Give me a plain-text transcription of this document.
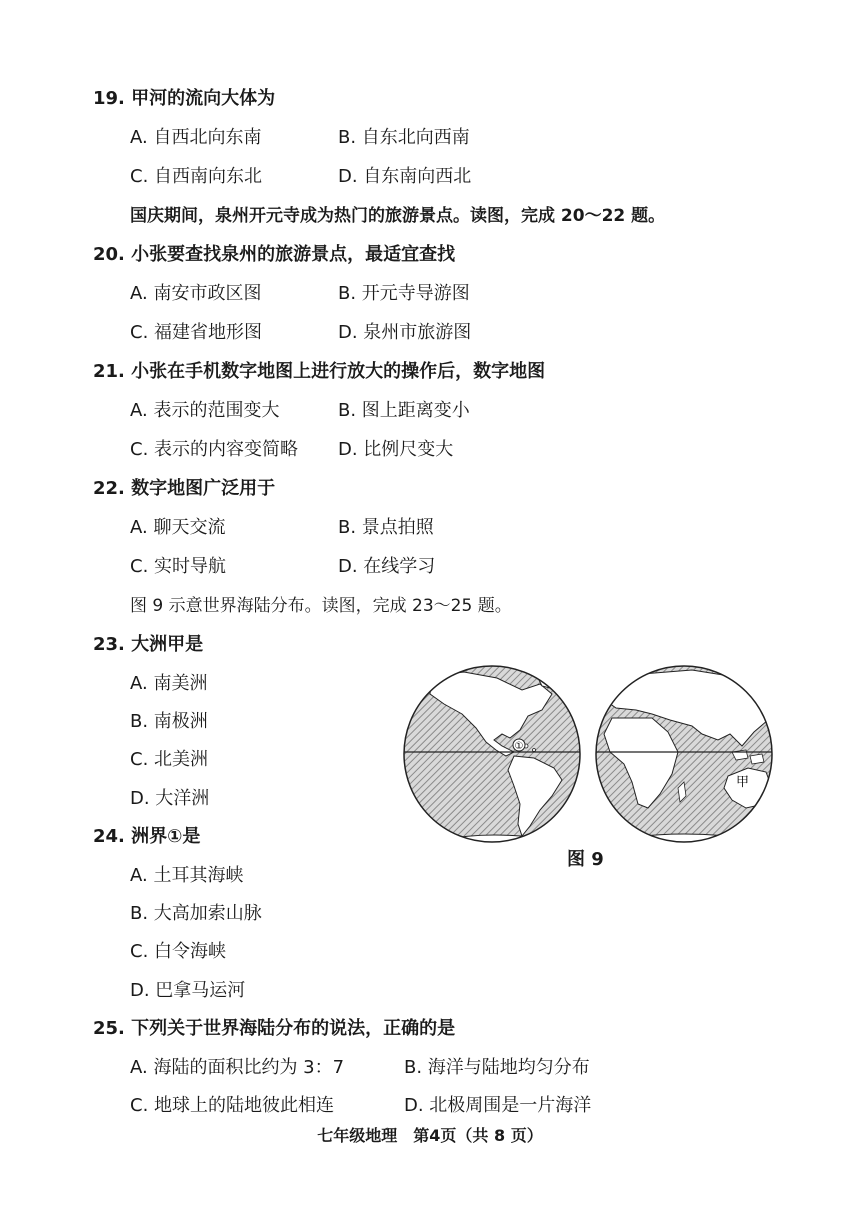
19. 甲河的流向大体为
A. 自西北向东南	B. 自东北向西南
C. 自西南向东北	D. 自东南向西北
国庆期间，泉州开元寺成为热门的旅游景点。读图，完成 20～22 题。
20. 小张要查找泉州的旅游景点，最适宜查找
A. 南安市政区图	B. 开元寺导游图
C. 福建省地形图	D. 泉州市旅游图
21. 小张在手机数字地图上进行放大的操作后，数字地图
A. 表示的范围变大	B. 图上距离变小
C. 表示的内容变简略 D. 比例尺变大
22. 数字地图广泛用于
A. 聊天交流	B. 景点拍照
C. 实时导航	D. 在线学习
图 9 示意世界海陆分布。读图，完成 23～25 题。
23. 大洲甲是
A. 南美洲
B. 南极洲
C. 北美洲
D. 大洋洲
24. 洲界①是
A. 土耳其海峡
B. 大高加索山脉
C. 白令海峡
D. 巴拿马运河
25. 下列关于世界海陆分布的说法，正确的是
A. 海陆的面积比约为 3：7	B. 海洋与陆地均匀分布
C. 地球上的陆地彼此相连	D. 北极周围是一片海洋
①
甲
图 9
七年级地理　第4页（共 8 页）
